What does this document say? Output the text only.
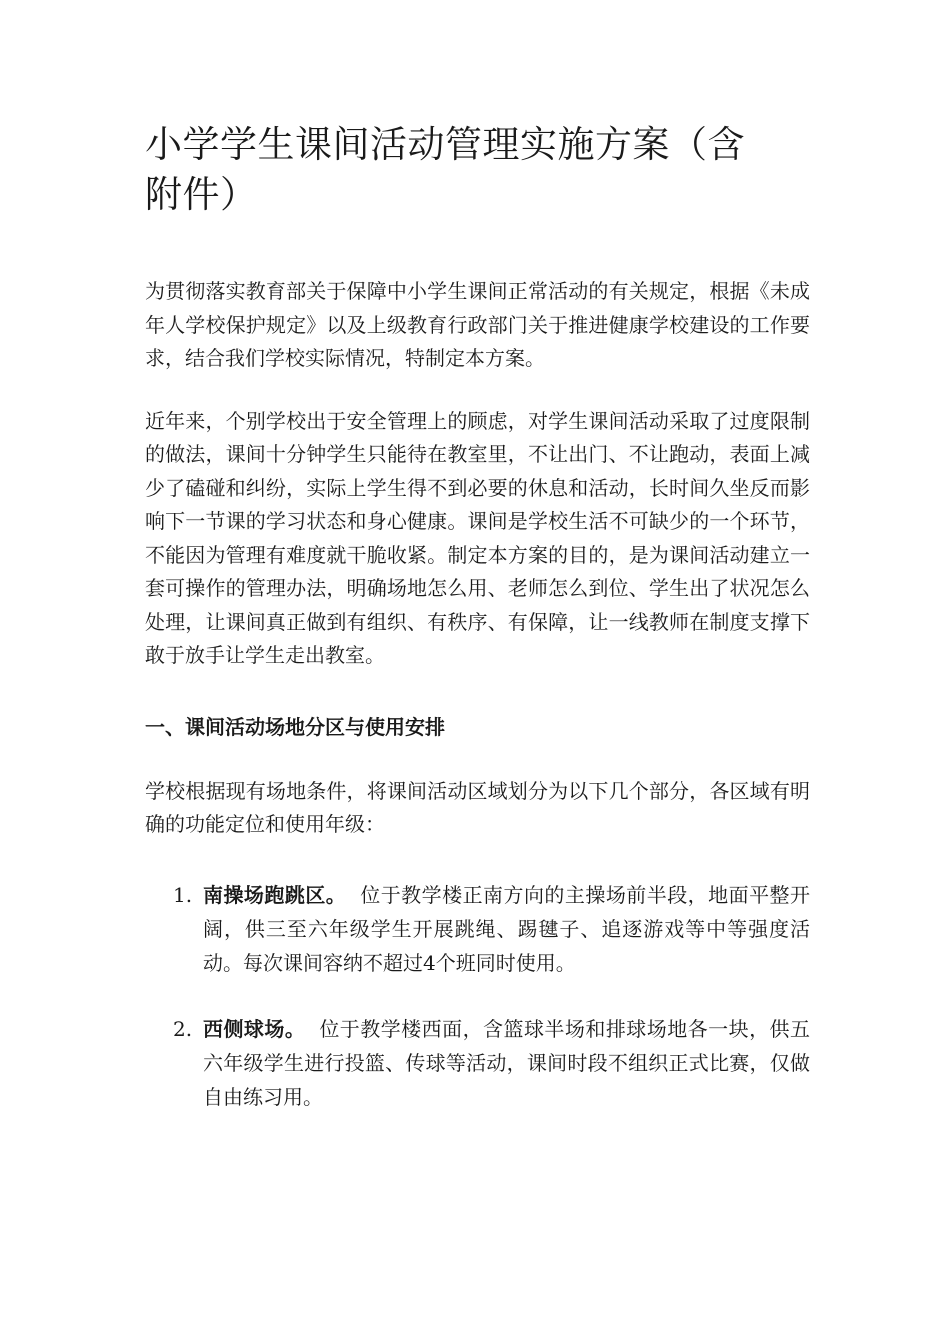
小学学生课间活动管理实施方案（含附件）

为贯彻落实教育部关于保障中小学生课间正常活动的有关规定，根据《未成年人学校保护规定》以及上级教育行政部门关于推进健康学校建设的工作要求，结合我们学校实际情况，特制定本方案。

近年来，个别学校出于安全管理上的顾虑，对学生课间活动采取了过度限制的做法，课间十分钟学生只能待在教室里，不让出门、不让跑动，表面上减少了磕碰和纠纷，实际上学生得不到必要的休息和活动，长时间久坐反而影响下一节课的学习状态和身心健康。课间是学校生活不可缺少的一个环节，不能因为管理有难度就干脆收紧。制定本方案的目的，是为课间活动建立一套可操作的管理办法，明确场地怎么用、老师怎么到位、学生出了状况怎么处理，让课间真正做到有组织、有秩序、有保障，让一线教师在制度支撑下敢于放手让学生走出教室。

一、课间活动场地分区与使用安排

学校根据现有场地条件，将课间活动区域划分为以下几个部分，各区域有明确的功能定位和使用年级：

1. 南操场跑跳区。 位于教学楼正南方向的主操场前半段，地面平整开阔，供三至六年级学生开展跳绳、踢毽子、追逐游戏等中等强度活动。每次课间容纳不超过4个班同时使用。
2. 西侧球场。 位于教学楼西面，含篮球半场和排球场地各一块，供五六年级学生进行投篮、传球等活动，课间时段不组织正式比赛，仅做自由练习用。
